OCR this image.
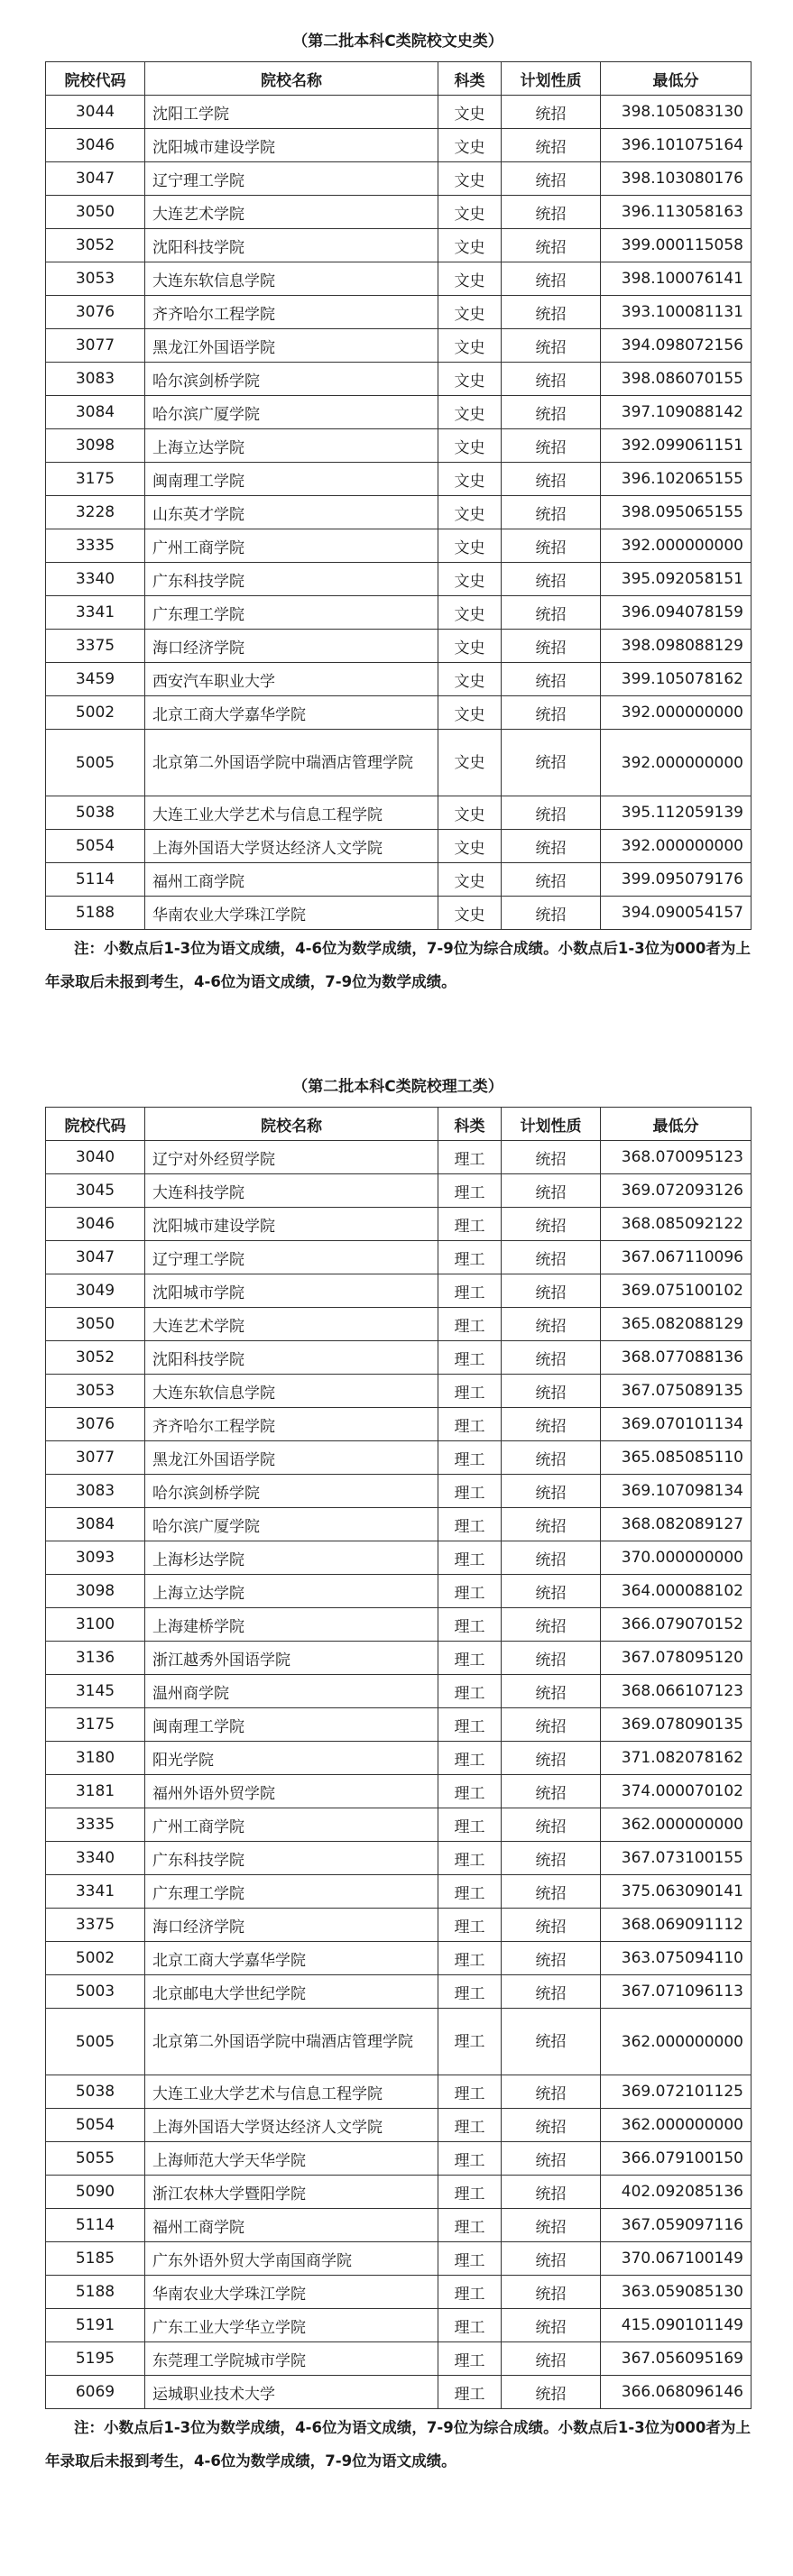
（第二批本科C类院校文史类）
院校代码	院校名称	科类	计划性质	最低分
3044	沈阳工学院	文史	统招	398.105083130
3046	沈阳城市建设学院	文史	统招	396.101075164
3047	辽宁理工学院	文史	统招	398.103080176
3050	大连艺术学院	文史	统招	396.113058163
3052	沈阳科技学院	文史	统招	399.000115058
3053	大连东软信息学院	文史	统招	398.100076141
3076	齐齐哈尔工程学院	文史	统招	393.100081131
3077	黑龙江外国语学院	文史	统招	394.098072156
3083	哈尔滨剑桥学院	文史	统招	398.086070155
3084	哈尔滨广厦学院	文史	统招	397.109088142
3098	上海立达学院	文史	统招	392.099061151
3175	闽南理工学院	文史	统招	396.102065155
3228	山东英才学院	文史	统招	398.095065155
3335	广州工商学院	文史	统招	392.000000000
3340	广东科技学院	文史	统招	395.092058151
3341	广东理工学院	文史	统招	396.094078159
3375	海口经济学院	文史	统招	398.098088129
3459	西安汽车职业大学	文史	统招	399.105078162
5002	北京工商大学嘉华学院	文史	统招	392.000000000
5005	北京第二外国语学院中瑞酒店管理学院	文史	统招	392.000000000
5038	大连工业大学艺术与信息工程学院	文史	统招	395.112059139
5054	上海外国语大学贤达经济人文学院	文史	统招	392.000000000
5114	福州工商学院	文史	统招	399.095079176
5188	华南农业大学珠江学院	文史	统招	394.090054157
注：小数点后1-3位为语文成绩，4-6位为数学成绩，7-9位为综合成绩。小数点后1-3位为000者为上年录取后未报到考生，4-6位为语文成绩，7-9位为数学成绩。
（第二批本科C类院校理工类）
院校代码	院校名称	科类	计划性质	最低分
3040	辽宁对外经贸学院	理工	统招	368.070095123
3045	大连科技学院	理工	统招	369.072093126
3046	沈阳城市建设学院	理工	统招	368.085092122
3047	辽宁理工学院	理工	统招	367.067110096
3049	沈阳城市学院	理工	统招	369.075100102
3050	大连艺术学院	理工	统招	365.082088129
3052	沈阳科技学院	理工	统招	368.077088136
3053	大连东软信息学院	理工	统招	367.075089135
3076	齐齐哈尔工程学院	理工	统招	369.070101134
3077	黑龙江外国语学院	理工	统招	365.085085110
3083	哈尔滨剑桥学院	理工	统招	369.107098134
3084	哈尔滨广厦学院	理工	统招	368.082089127
3093	上海杉达学院	理工	统招	370.000000000
3098	上海立达学院	理工	统招	364.000088102
3100	上海建桥学院	理工	统招	366.079070152
3136	浙江越秀外国语学院	理工	统招	367.078095120
3145	温州商学院	理工	统招	368.066107123
3175	闽南理工学院	理工	统招	369.078090135
3180	阳光学院	理工	统招	371.082078162
3181	福州外语外贸学院	理工	统招	374.000070102
3335	广州工商学院	理工	统招	362.000000000
3340	广东科技学院	理工	统招	367.073100155
3341	广东理工学院	理工	统招	375.063090141
3375	海口经济学院	理工	统招	368.069091112
5002	北京工商大学嘉华学院	理工	统招	363.075094110
5003	北京邮电大学世纪学院	理工	统招	367.071096113
5005	北京第二外国语学院中瑞酒店管理学院	理工	统招	362.000000000
5038	大连工业大学艺术与信息工程学院	理工	统招	369.072101125
5054	上海外国语大学贤达经济人文学院	理工	统招	362.000000000
5055	上海师范大学天华学院	理工	统招	366.079100150
5090	浙江农林大学暨阳学院	理工	统招	402.092085136
5114	福州工商学院	理工	统招	367.059097116
5185	广东外语外贸大学南国商学院	理工	统招	370.067100149
5188	华南农业大学珠江学院	理工	统招	363.059085130
5191	广东工业大学华立学院	理工	统招	415.090101149
5195	东莞理工学院城市学院	理工	统招	367.056095169
6069	运城职业技术大学	理工	统招	366.068096146
注：小数点后1-3位为数学成绩，4-6位为语文成绩，7-9位为综合成绩。小数点后1-3位为000者为上年录取后未报到考生，4-6位为数学成绩，7-9位为语文成绩。
